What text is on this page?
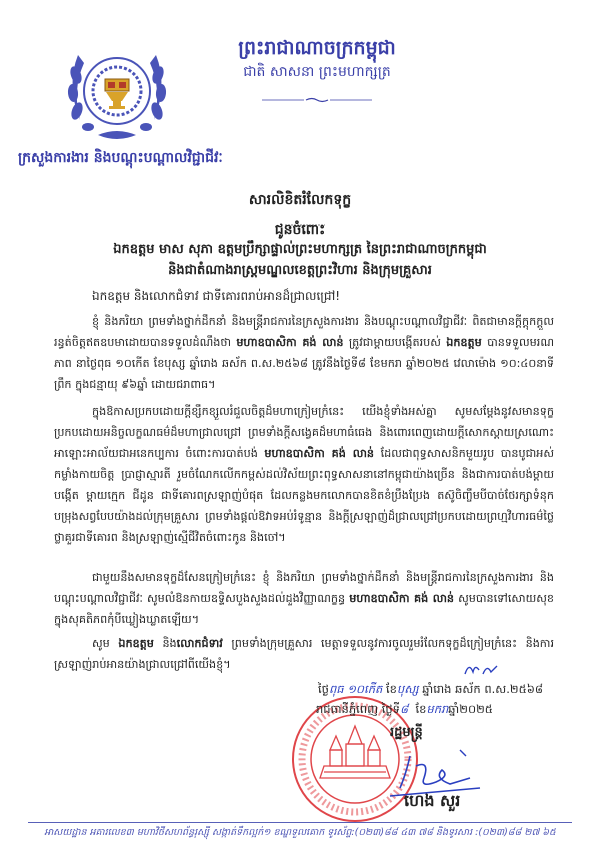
ព្រះរាជាណាចក្រកម្ពុជា
ជាតិ សាសនា ព្រះមហាក្សត្រ
ក្រសួងការងារ និងបណ្តុះបណ្តាលវិជ្ជាជីវៈ
សារលិខិតរំលែកទុក្ខ
ជូនចំពោះ
ឯកឧត្តម មាស សុភា ឧត្តមប្រឹក្សាផ្ទាល់ព្រះមហាក្សត្រ នៃព្រះរាជាណាចក្រកម្ពុជា
និងជាតំណាងរាស្ត្រមណ្ឌលខេត្តព្រះវិហារ និងក្រុមគ្រួសារ
ឯកឧត្តម និងលោកជំទាវ ជាទីគោរពរាប់អានដ៏ជ្រាលជ្រៅ!
ខ្ញុំ និងភរិយា ព្រមទាំងថ្នាក់ដឹកនាំ និងមន្ត្រីរាជការនៃក្រសួងការងារ និងបណ្តុះបណ្តាលវិជ្ជាជីវៈ ពិតជាមានក្តីក្តុកក្តួលរន្ធត់ចិត្តឥតឧបមាដោយបានទទួលដំណឹងថា មហាឧបាសិកា គង់ លាន់ ត្រូវជាម្តាយបង្កើតរបស់ ឯកឧត្តម បានទទួលមរណភាព នាថ្ងៃពុធ ១០កើត ខែបុស្ស ឆ្នាំរោង ឆស័ក ព.ស.២៥៦៨ ត្រូវនឹងថ្ងៃទី៨ ខែមករា ឆ្នាំ២០២៥ វេលាម៉ោង ១០:៤០នាទីព្រឹក ក្នុងជន្មាយុ ៩៦ឆ្នាំ ដោយជរាពាធ។
ក្នុងឱកាសប្រកបដោយក្តីខ្សឹកខ្សួលរំជួលចិត្តដ៏មហាក្រៀមក្រំនេះ យើងខ្ញុំទាំងអស់គ្នា សូមសម្តែងនូវសមានទុក្ខប្រកបដោយអនិច្ចលក្ខណធម៌ដ៏មហាជ្រាលជ្រៅ ព្រមទាំងក្តីសង្វេគដ៏មហាធំធេង និងពោរពេញដោយក្តីសោកស្តាយស្រណោះអាឡោះអាល័យជាអនេកប្បការ ចំពោះការបាត់បង់ មហាឧបាសិកា គង់ លាន់ ដែលជាពុទ្ធសាសនិកមួយរូប បានបូជាអស់កម្លាំងកាយចិត្ត ប្រាជ្ញាស្មារតី រួមចំណែកលើកកម្ពស់ដល់វិស័យព្រះពុទ្ធសាសនានៅកម្ពុជាយ៉ាងច្រើន និងជាការបាត់បង់ម្តាយបង្កើត ម្តាយក្មេក ជីដូន ជាទីគោរពស្រឡាញ់បំផុត ដែលកន្លងមកលោកបានខិតខំប្រឹងប្រែង តស៊ូចិញ្ចឹមបីបាច់ថែរក្សាទំនុកបម្រុងសព្វបែបយ៉ាងដល់ក្រុមគ្រួសារ ព្រមទាំងផ្តល់ឱវាទអប់រំទូន្មាន និងក្តីស្រឡាញ់ដ៏ជ្រាលជ្រៅប្រកបដោយព្រហ្មវិហារធម៌ថ្លៃថ្លាគួរជាទីគោរព និងស្រឡាញ់ស្មើជីវិតចំពោះកូន និងចៅ។
ជាមួយនឹងសមានទុក្ខដ៏សែនក្រៀមក្រំនេះ ខ្ញុំ និងភរិយា ព្រមទាំងថ្នាក់ដឹកនាំ និងមន្ត្រីរាជការនៃក្រសួងការងារ និងបណ្តុះបណ្តាលវិជ្ជាជីវៈ សូមលំឱនកាយឧទ្ទិសបួងសួងដល់ដួងវិញ្ញាណក្ខន្ធ មហាឧបាសិកា គង់ លាន់ សូមបានទៅសោយសុខក្នុងសុគតិភពកុំបីឃ្លៀងឃ្លាតឡើយ។
សូម ឯកឧត្តម និងលោកជំទាវ ព្រមទាំងក្រុមគ្រួសារ មេត្តាទទួលនូវការចូលរួមរំលែកទុក្ខដ៏ក្រៀមក្រំនេះ និងការស្រឡាញ់រាប់អានយ៉ាងជ្រាលជ្រៅពីយើងខ្ញុំ។
ថ្ងៃពុធ ១០កើត ខែបុស្ស ឆ្នាំរោង ឆស័ក ព.ស.២៥៦៨
រាជធានីភ្នំពេញ ថ្ងៃទី៨ ខែមករាឆ្នាំ២០២៥
រដ្ឋមន្ត្រី
ហេង សួរ
អាសយដ្ឋាន អគារលេខ៣ មហាវិថីសហព័ន្ធរុស្ស៊ី សង្កាត់ទឹកល្អក់១ ខណ្ឌទួលគោក ទូរស័ព្ទ:(០២៣)៨៨ ៤៣ ៧៨ និងទូរសារ :(០២៣)៨៨ ២៧ ៦៥
